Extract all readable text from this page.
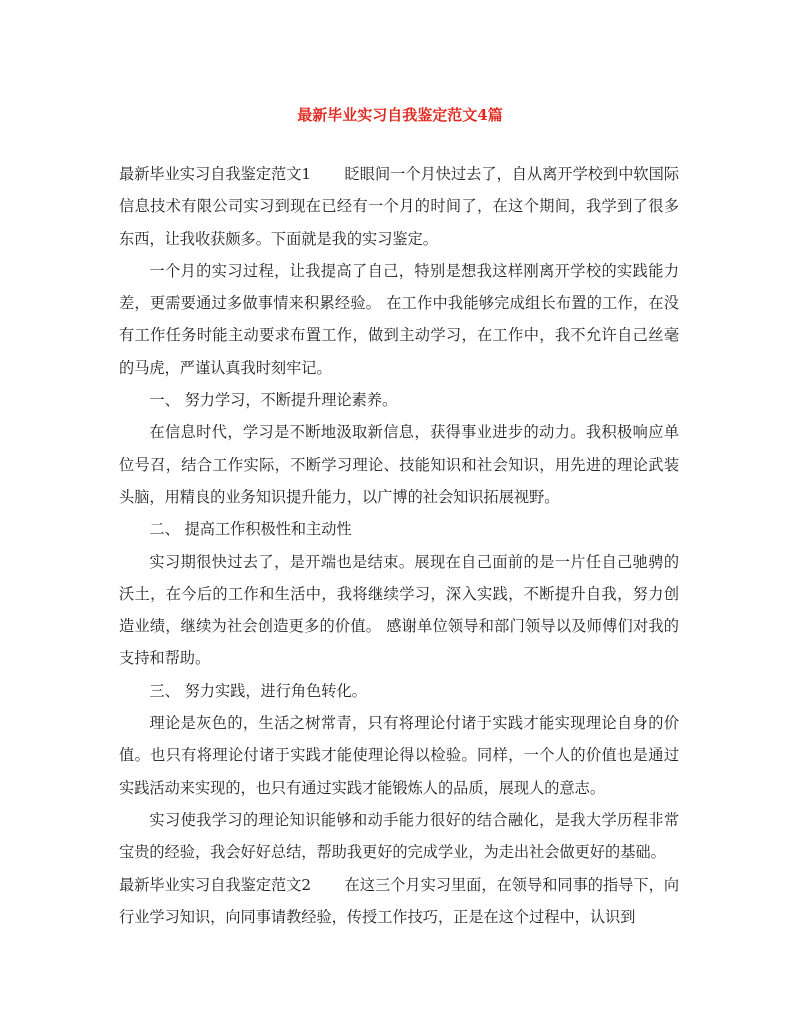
最新毕业实习自我鉴定范文4篇

最新毕业实习自我鉴定范文1 眨眼间一个月快过去了，自从离开学校到中软国际信息技术有限公司实习到现在已经有一个月的时间了，在这个期间，我学到了很多东西，让我收获颇多。下面就是我的实习鉴定。

一个月的实习过程，让我提高了自己，特别是想我这样刚离开学校的实践能力差，更需要通过多做事情来积累经验。 在工作中我能够完成组长布置的工作，在没有工作任务时能主动要求布置工作，做到主动学习，在工作中，我不允许自己丝毫的马虎，严谨认真我时刻牢记。

一、 努力学习，不断提升理论素养。

在信息时代，学习是不断地汲取新信息，获得事业进步的动力。我积极响应单位号召，结合工作实际，不断学习理论、技能知识和社会知识，用先进的理论武装头脑，用精良的业务知识提升能力，以广博的社会知识拓展视野。

二、 提高工作积极性和主动性

实习期很快过去了，是开端也是结束。展现在自己面前的是一片任自己驰骋的沃土，在今后的工作和生活中，我将继续学习，深入实践，不断提升自我，努力创造业绩，继续为社会创造更多的价值。 感谢单位领导和部门领导以及师傅们对我的支持和帮助。

三、 努力实践，进行角色转化。

理论是灰色的，生活之树常青，只有将理论付诸于实践才能实现理论自身的价值。也只有将理论付诸于实践才能使理论得以检验。同样，一个人的价值也是通过实践活动来实现的，也只有通过实践才能锻炼人的品质，展现人的意志。

实习使我学习的理论知识能够和动手能力很好的结合融化，是我大学历程非常宝贵的经验，我会好好总结，帮助我更好的完成学业，为走出社会做更好的基础。

最新毕业实习自我鉴定范文2 在这三个月实习里面，在领导和同事的指导下，向行业学习知识，向同事请教经验，传授工作技巧，正是在这个过程中，认识到
